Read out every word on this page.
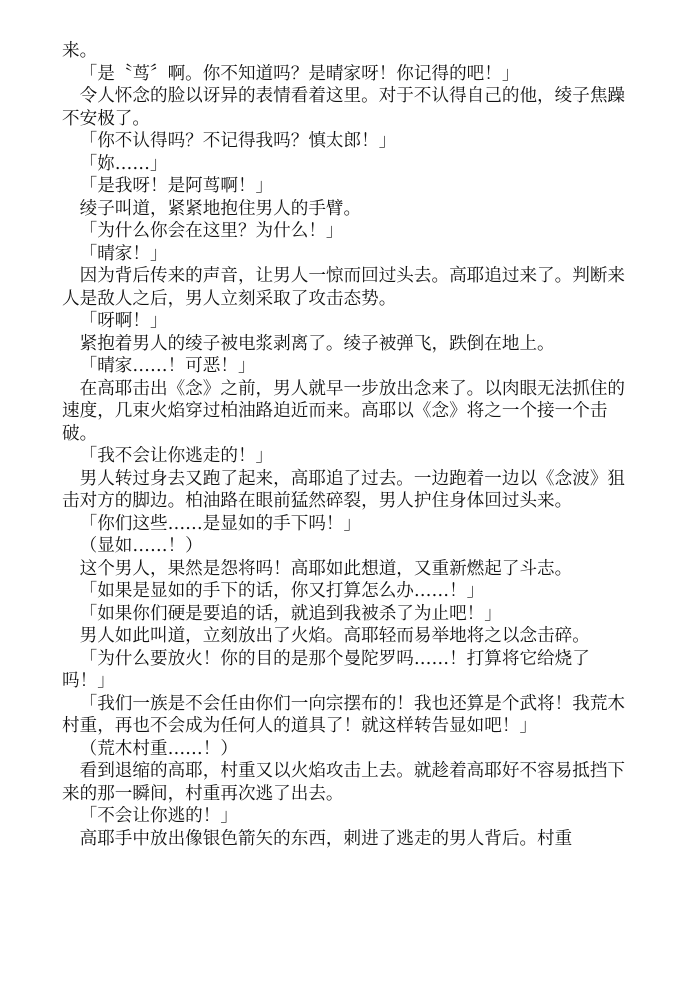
来。

「是〝茑〞啊。你不知道吗？是晴家呀！你记得的吧！」

令人怀念的脸以讶异的表情看着这里。对于不认得自己的他，绫子焦躁不安极了。

「你不认得吗？不记得我吗？慎太郎！」

「妳……」

「是我呀！是阿茑啊！」

绫子叫道，紧紧地抱住男人的手臂。

「为什么你会在这里？为什么！」

「晴家！」

因为背后传来的声音，让男人一惊而回过头去。高耶追过来了。判断来人是敌人之后，男人立刻采取了攻击态势。

「呀啊！」

紧抱着男人的绫子被电浆剥离了。绫子被弹飞，跌倒在地上。

「晴家……！可恶！」

在高耶击出《念》之前，男人就早一步放出念来了。以肉眼无法抓住的速度，几束火焰穿过柏油路迫近而来。高耶以《念》将之一个接一个击破。

「我不会让你逃走的！」

男人转过身去又跑了起来，高耶追了过去。一边跑着一边以《念波》狙击对方的脚边。柏油路在眼前猛然碎裂，男人护住身体回过头来。

「你们这些……是显如的手下吗！」

（显如……！）

这个男人，果然是怨将吗！高耶如此想道，又重新燃起了斗志。

「如果是显如的手下的话，你又打算怎么办……！」

「如果你们硬是要追的话，就追到我被杀了为止吧！」

男人如此叫道，立刻放出了火焰。高耶轻而易举地将之以念击碎。

「为什么要放火！你的目的是那个曼陀罗吗……！打算将它给烧了吗！」

「我们一族是不会任由你们一向宗摆布的！我也还算是个武将！我荒木村重，再也不会成为任何人的道具了！就这样转告显如吧！」

（荒木村重……！）

看到退缩的高耶，村重又以火焰攻击上去。就趁着高耶好不容易抵挡下来的那一瞬间，村重再次逃了出去。

「不会让你逃的！」

高耶手中放出像银色箭矢的东西，刺进了逃走的男人背后。村重
